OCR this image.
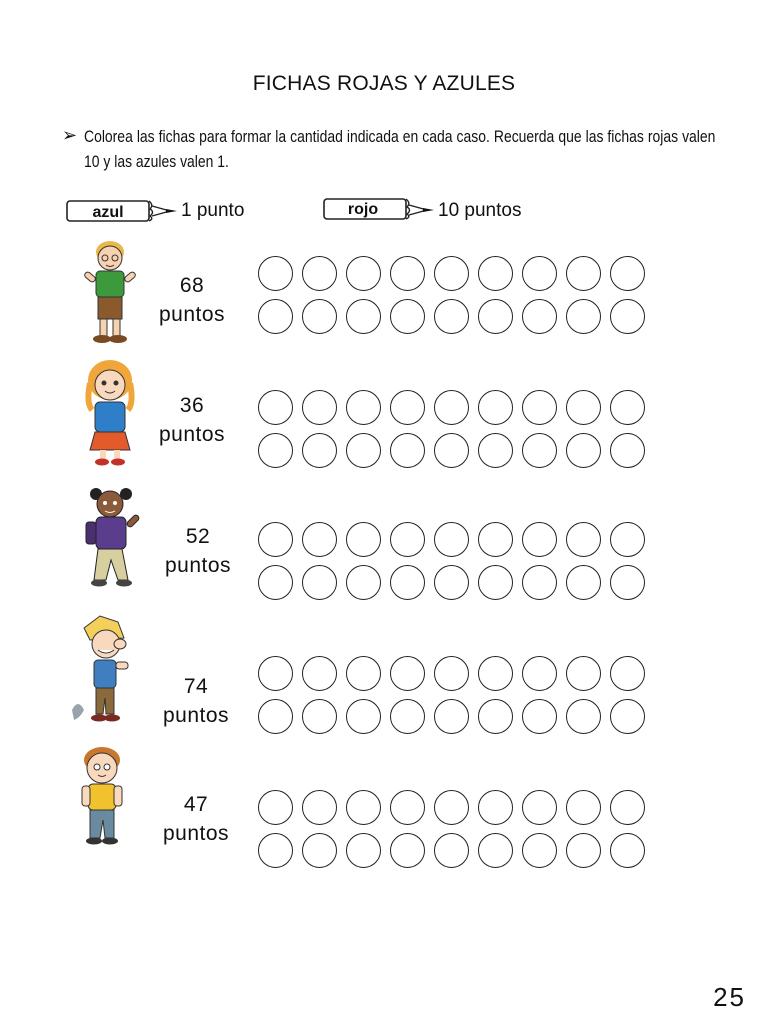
FICHAS ROJAS Y AZULES
➢ Colorea las fichas para formar la cantidad indicada en cada caso. Recuerda que las fichas rojas valen 10 y las azules valen 1.
azul	1 punto	rojo	10 puntos
68
puntos
36
puntos
52
puntos
74
puntos
47
puntos
25
